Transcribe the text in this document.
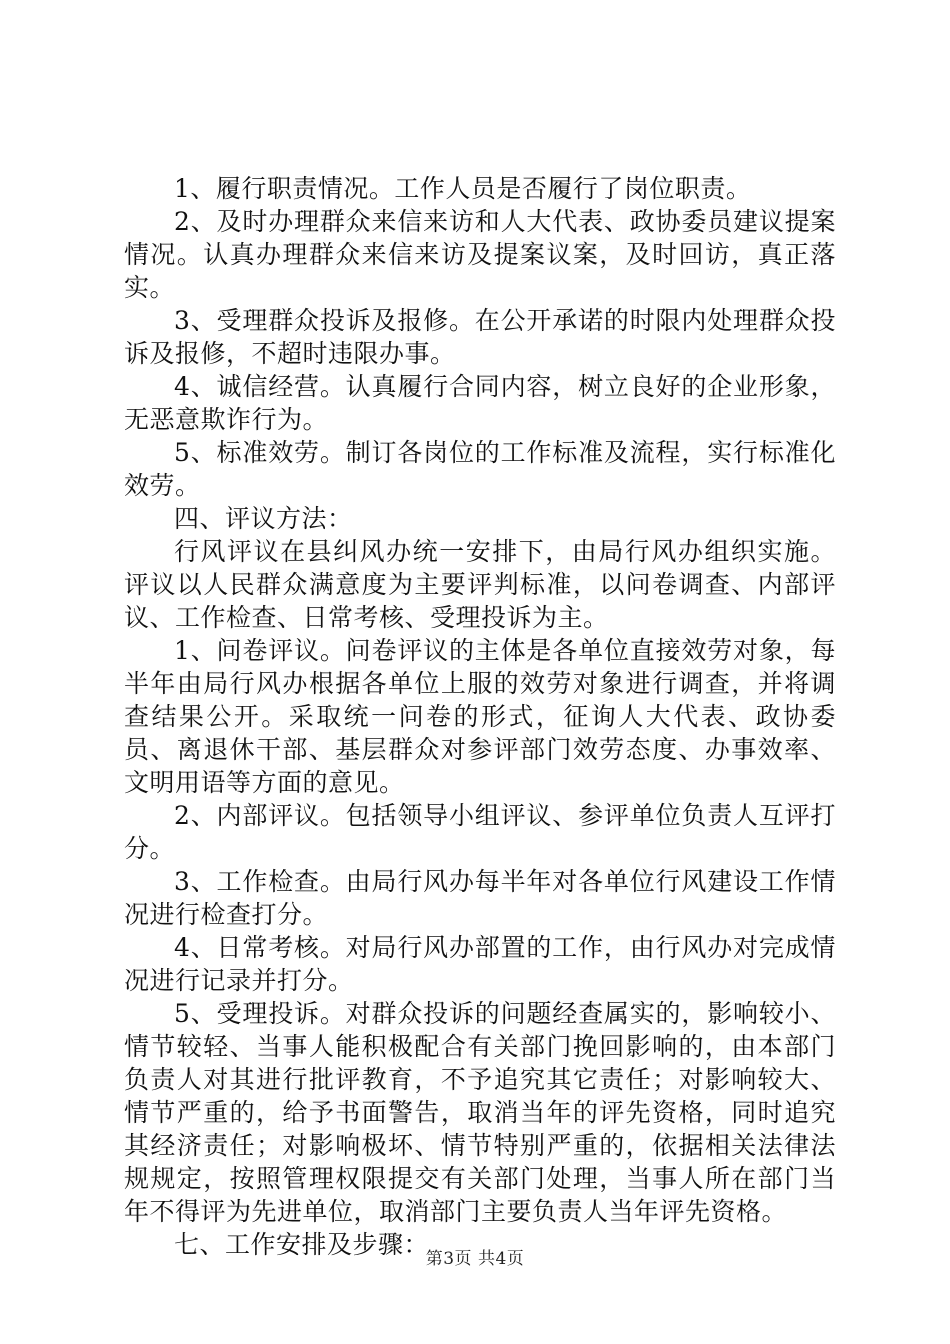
1、履行职责情况。工作人员是否履行了岗位职责。

2、及时办理群众来信来访和人大代表、政协委员建议提案情况。认真办理群众来信来访及提案议案，及时回访，真正落实。

3、受理群众投诉及报修。在公开承诺的时限内处理群众投诉及报修，不超时违限办事。

4、诚信经营。认真履行合同内容，树立良好的企业形象，无恶意欺诈行为。

5、标准效劳。制订各岗位的工作标准及流程，实行标准化效劳。

四、评议方法：

行风评议在县纠风办统一安排下，由局行风办组织实施。评议以人民群众满意度为主要评判标准，以问卷调查、内部评议、工作检查、日常考核、受理投诉为主。

1、问卷评议。问卷评议的主体是各单位直接效劳对象，每半年由局行风办根据各单位上服的效劳对象进行调查，并将调查结果公开。采取统一问卷的形式，征询人大代表、政协委员、离退休干部、基层群众对参评部门效劳态度、办事效率、文明用语等方面的意见。

2、内部评议。包括领导小组评议、参评单位负责人互评打分。

3、工作检查。由局行风办每半年对各单位行风建设工作情况进行检查打分。

4、日常考核。对局行风办部置的工作，由行风办对完成情况进行记录并打分。

5、受理投诉。对群众投诉的问题经查属实的，影响较小、情节较轻、当事人能积极配合有关部门挽回影响的，由本部门负责人对其进行批评教育，不予追究其它责任；对影响较大、情节严重的，给予书面警告，取消当年的评先资格，同时追究其经济责任；对影响极坏、情节特别严重的，依据相关法律法规规定，按照管理权限提交有关部门处理，当事人所在部门当年不得评为先进单位，取消部门主要负责人当年评先资格。

七、工作安排及步骤：

第3页 共4页
